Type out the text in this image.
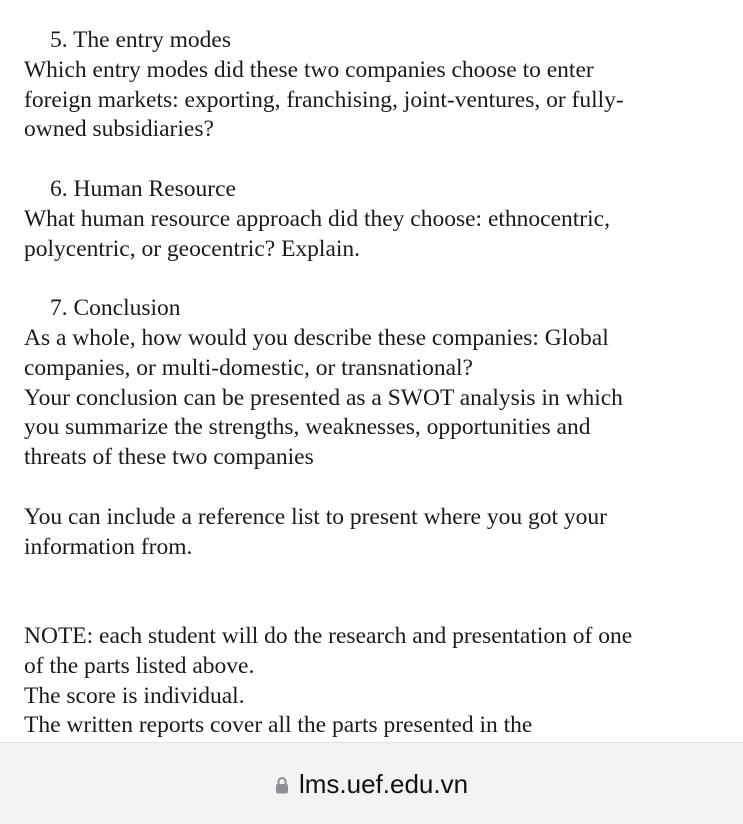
5. The entry modes
Which entry modes did these two companies choose to enter
foreign markets: exporting, franchising, joint-ventures, or fully-
owned subsidiaries?
6. Human Resource
What human resource approach did they choose: ethnocentric,
polycentric, or geocentric? Explain.
7. Conclusion
As a whole, how would you describe these companies: Global
companies, or multi-domestic, or transnational?
Your conclusion can be presented as a SWOT analysis in which
you summarize the strengths, weaknesses, opportunities and
threats of these two companies
You can include a reference list to present where you got your
information from.
NOTE: each student will do the research and presentation of one
of the parts listed above.
The score is individual.
The written reports cover all the parts presented in the
lms.uef.edu.vn
